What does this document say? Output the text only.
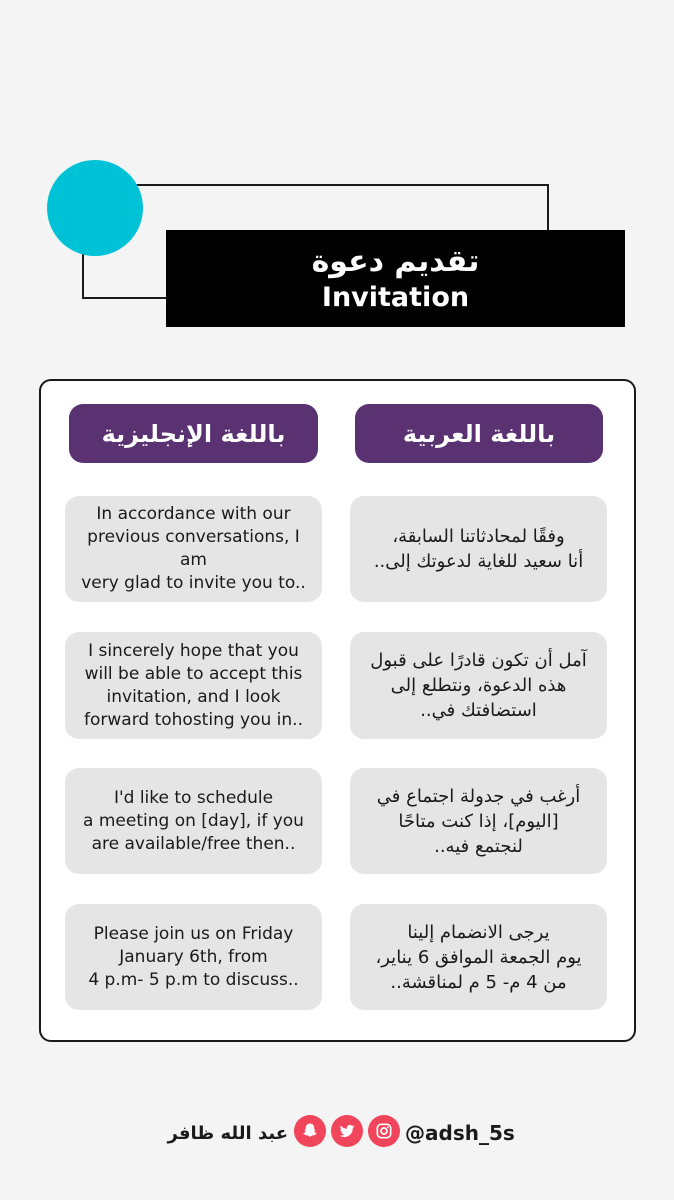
تقديم دعوة
Invitation
باللغة الإنجليزية	باللغة العربية
In accordance with our
previous conversations, I am
very glad to invite you to..
وفقًا لمحادثاتنا السابقة،
أنا سعيد للغاية لدعوتك إلى..
I sincerely hope that you
will be able to accept this
invitation, and I look
forward tohosting you in..
آمل أن تكون قادرًا على قبول
هذه الدعوة، ونتطلع إلى
استضافتك في..
I'd like to schedule
a meeting on [day], if you
are available/free then..
أرغب في جدولة اجتماع في
[اليوم]، إذا كنت متاحًا
لنجتمع فيه..
Please join us on Friday
January 6th, from
4 p.m- 5 p.m to discuss..
يرجى الانضمام إلينا
يوم الجمعة الموافق 6 يناير،
من 4 م- 5 م لمناقشة..
عبد الله ظافر	@adsh_5s
